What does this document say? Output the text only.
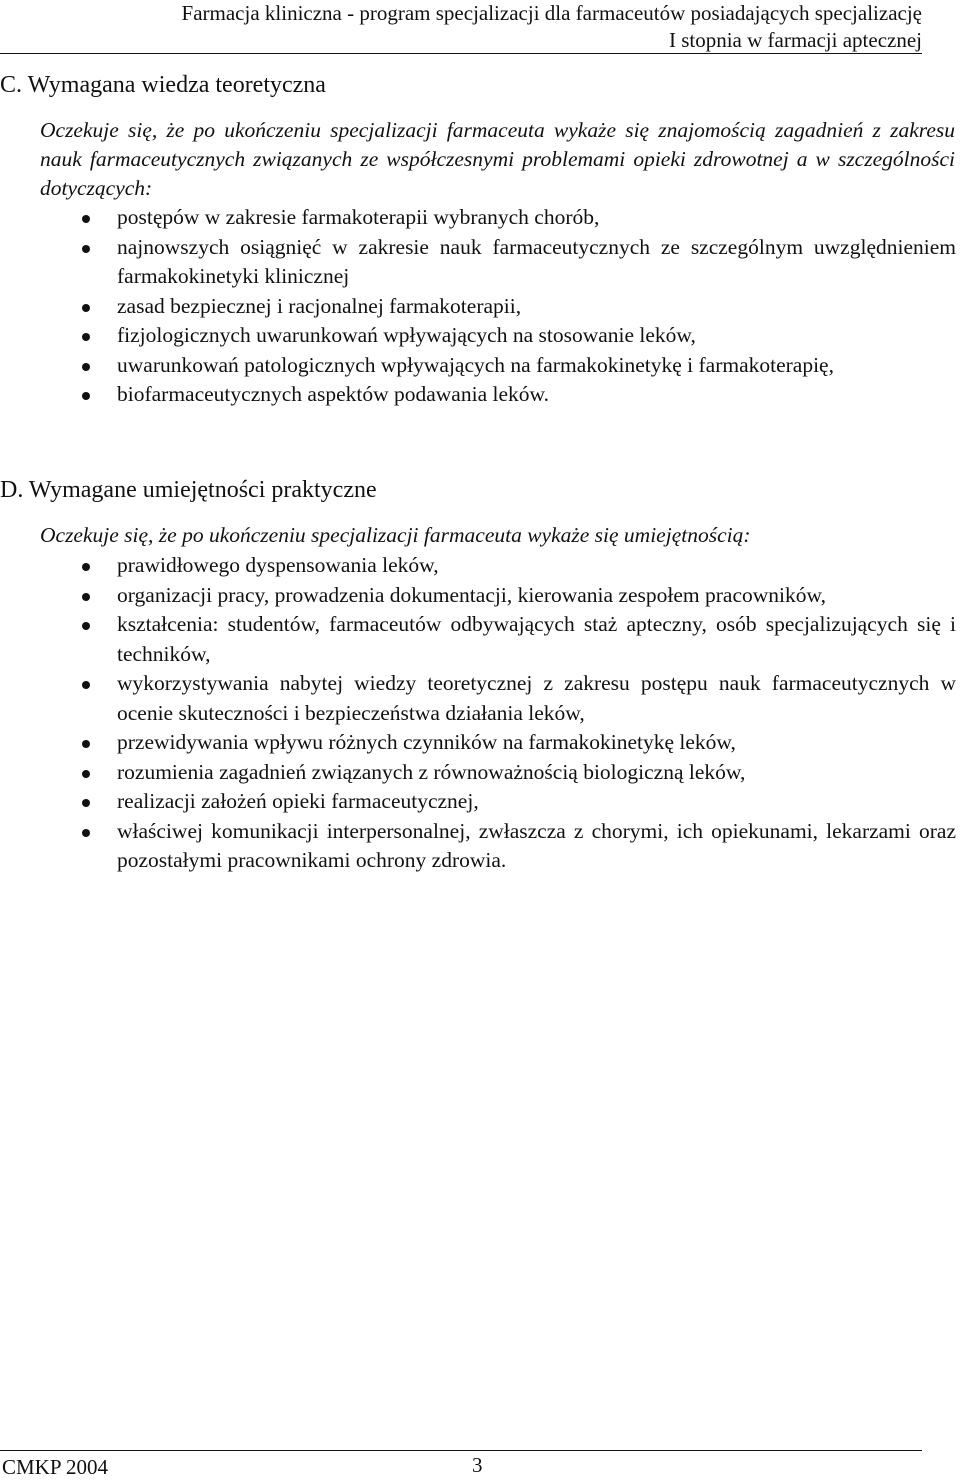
Farmacja kliniczna - program specjalizacji dla farmaceutów posiadających specjalizację
I stopnia w farmacji aptecznej
C. Wymagana wiedza teoretyczna

Oczekuje się, że po ukończeniu specjalizacji farmaceuta wykaże się znajomością zagadnień z zakresu nauk farmaceutycznych związanych ze współczesnymi problemami opieki zdrowotnej a w szczególności dotyczących:

postępów w zakresie farmakoterapii wybranych chorób,
najnowszych osiągnięć w zakresie nauk farmaceutycznych ze szczególnym uwzględnieniem farmakokinetyki klinicznej
zasad bezpiecznej i racjonalnej farmakoterapii,
fizjologicznych uwarunkowań wpływających na stosowanie leków,
uwarunkowań patologicznych wpływających na farmakokinetykę i farmakoterapię,
biofarmaceutycznych aspektów podawania leków.
D. Wymagane umiejętności praktyczne

Oczekuje się, że po ukończeniu specjalizacji farmaceuta wykaże się umiejętnością:

prawidłowego dyspensowania leków,
organizacji pracy, prowadzenia dokumentacji, kierowania zespołem pracowników,
kształcenia: studentów, farmaceutów odbywających staż apteczny, osób specjalizujących się i techników,
wykorzystywania nabytej wiedzy teoretycznej z zakresu postępu nauk farmaceutycznych w ocenie skuteczności i bezpieczeństwa działania leków,
przewidywania wpływu różnych czynników na farmakokinetykę leków,
rozumienia zagadnień związanych z równoważnością biologiczną leków,
realizacji założeń opieki farmaceutycznej,
właściwej komunikacji interpersonalnej, zwłaszcza z chorymi, ich opiekunami, lekarzami oraz pozostałymi pracownikami ochrony zdrowia.
CMKP 2004	3
